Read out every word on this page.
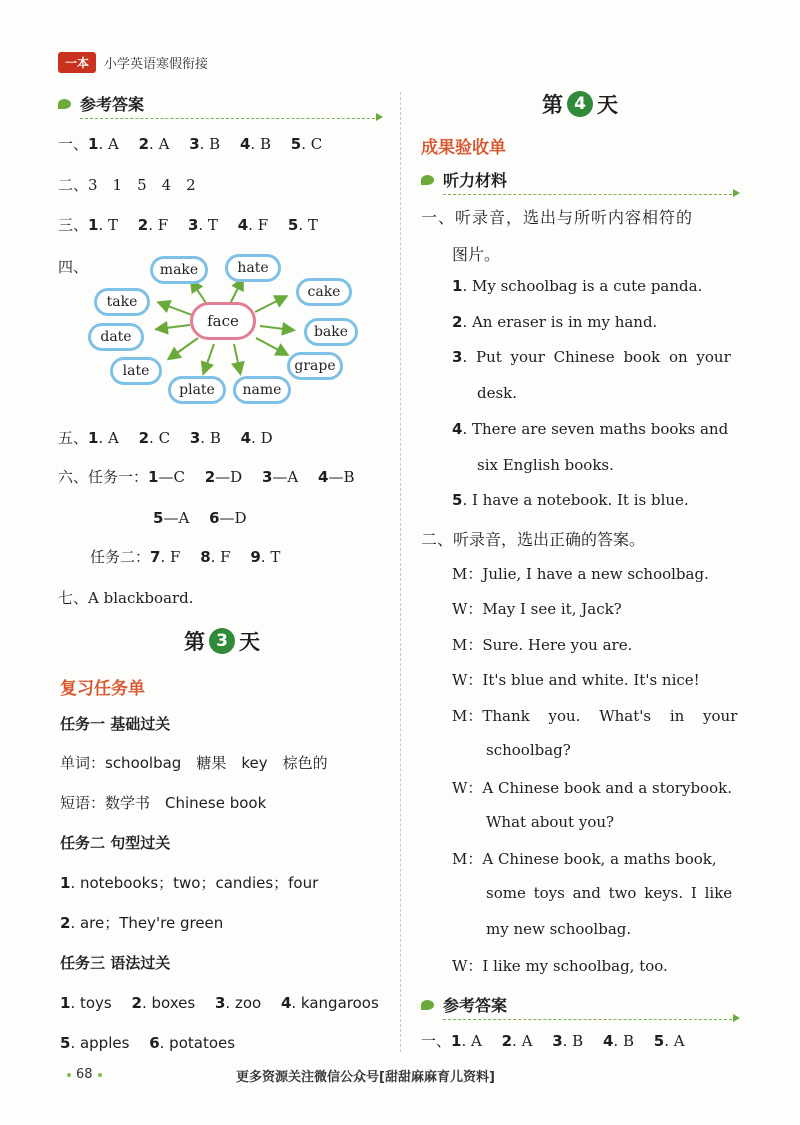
一本	小学英语寒假衔接
参考答案
一、1. A 　 2. A 　 3. B 　 4. B 　 5. C
二、3　1　5　4　2
三、1. T 　 2. F 　 3. T 　 4. F 　 5. T
四、
face
make	hate
take
cake
date	bake
late	grape
plate	name
五、1. A 　 2. C 　 3. B 　 4. D
六、任务一：1—C 　 2—D 　 3—A 　 4—B
5—A 　 6—D
任务二：7. F 　 8. F 　 9. T
七、A blackboard.
第 3 天
复习任务单
任务一 基础过关
单词：schoolbag　糖果　key　棕色的
短语：数学书　Chinese book
任务二 句型过关
1. notebooks；two；candies；four
2. are；They're green
任务三 语法过关
1. toys 　 2. boxes 　 3. zoo 　 4. kangaroos
5. apples 　 6. potatoes
第 4 天
成果验收单
听力材料
一、听录音，选出与所听内容相符的
图片。
1. My schoolbag is a cute panda.
2. An eraser is in my hand.
3. Put your Chinese book on your
desk.
4. There are seven maths books and
six English books.
5. I have a notebook. It is blue.
二、听录音，选出正确的答案。
M：Julie, I have a new schoolbag.
W：May I see it, Jack?
M：Sure. Here you are.
W：It's blue and white. It's nice!
M：Thank you. What's in your
schoolbag?
W：A Chinese book and a storybook.
What about you?
M：A Chinese book, a maths book,
some toys and two keys. I like
my new schoolbag.
W：I like my schoolbag, too.
参考答案
一、1. A 　 2. A 　 3. B 　 4. B 　 5. A
68	更多资源关注微信公众号[甜甜麻麻育儿资料]
